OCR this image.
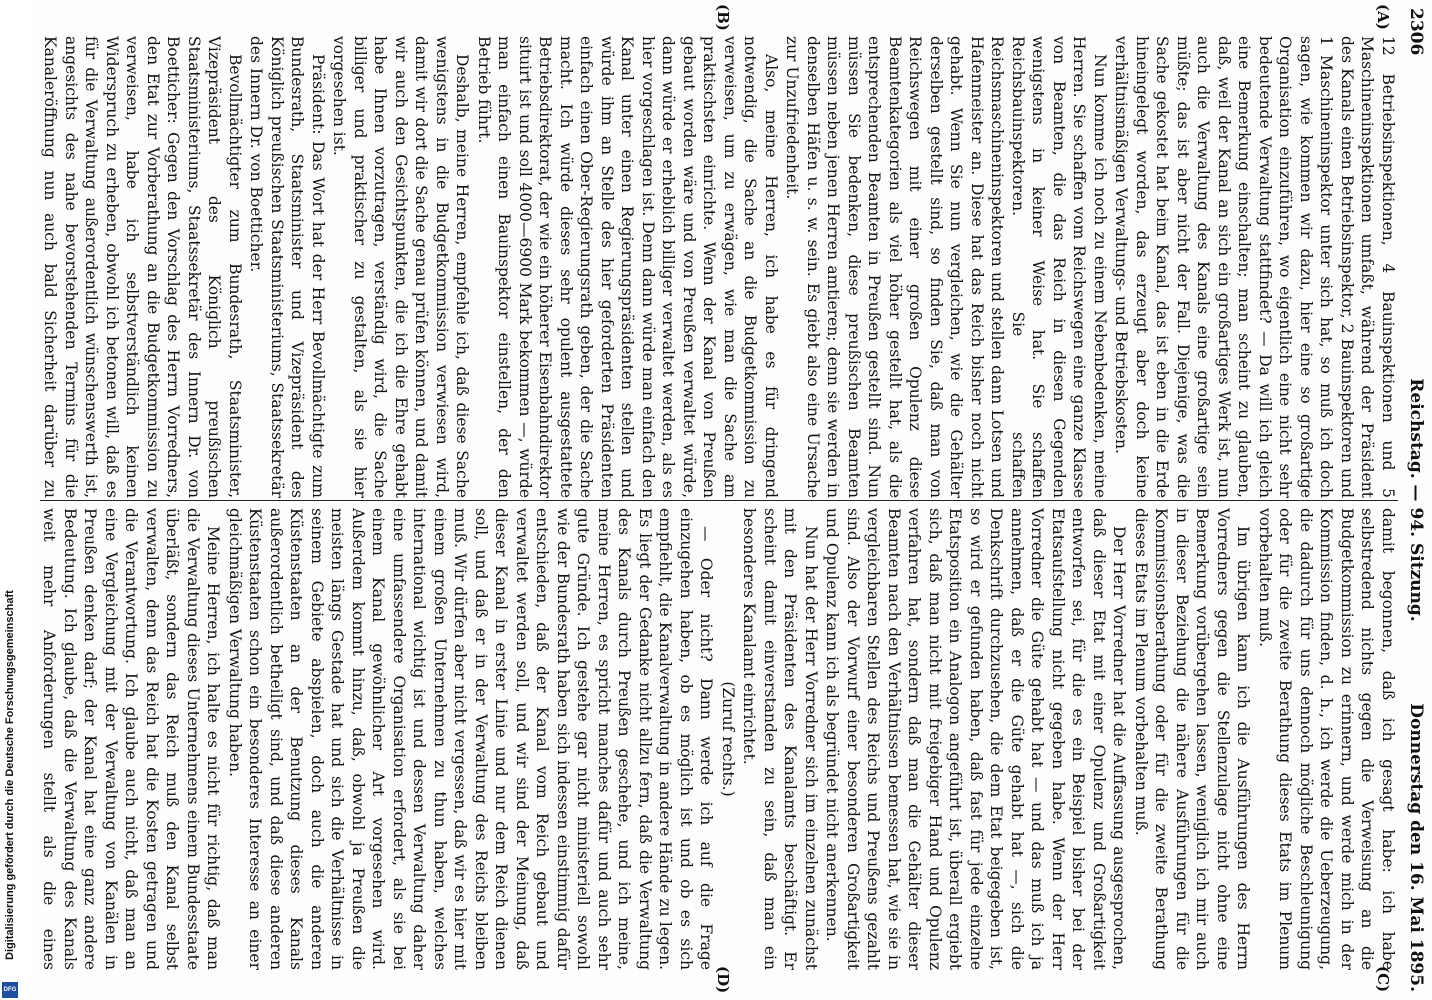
2306
Reichstag. — 94. Sitzung.
Donnerstag den 16. Mai 1895.
(A)
(B)
(C)
(D)

12 Betriebsinspektionen, 4 Bauinspektionen und 5 Maschineninspektionen umfaßt, während der Präsident des Kanals einen Betriebsinspektor, 2 Bauinspektoren und 1 Maschineninspektor unter sich hat, so muß ich doch sagen, wie kommen wir dazu, hier eine so großartige Organisation einzuführen, wo eigentlich eine nicht sehr bedeutende Verwaltung stattfindet? — Da will ich gleich eine Bemerkung einschalten; man scheint zu glauben, daß, weil der Kanal an sich ein großartiges Werk ist, nun auch die Verwaltung des Kanals eine großartige sein müßte; das ist aber nicht der Fall. Diejenige, was die Sache gekostet hat beim Kanal, das ist eben in die Erde hineingelegt worden, das erzeugt aber doch keine verhältnismäßigen Verwaltungs- und Betriebskosten.

Nun komme ich noch zu einem Nebenbedenken, meine Herren. Sie schaffen vom Reichswegen eine ganze Klasse von Beamten, die das Reich in diesen Gegenden wenigstens in keiner Weise hat. Sie schaffen Reichsbauinspektoren. Sie schaffen Reichsmaschineninspektoren und stellen dann Lotsen und Hafenmeister an. Diese hat das Reich bisher noch nicht gehabt. Wenn Sie nun vergleichen, wie die Gehälter derselben gestellt sind, so finden Sie, daß man von Reichswegen mit einer großen Opulenz diese Beamtenkategorien als viel höher gestellt hat, als die entsprechenden Beamten in Preußen gestellt sind. Nun müssen Sie bedenken, diese preußischen Beamten müssen neben jenen Herren amtieren; denn sie werden in denselben Häfen u. s. w. sein. Es giebt also eine Ursache zur Unzufriedenheit.

Also, meine Herren, ich habe es für dringend notwendig, die Sache an die Budgetkommission zu verweisen, um zu erwägen, wie man die Sache am praktischsten einrichte. Wenn der Kanal von Preußen gebaut worden wäre und von Preußen verwaltet würde, dann würde er erheblich billiger verwaltet werden, als es hier vorgeschlagen ist. Denn dann würde man einfach den Kanal unter einen Regierungspräsidenten stellen und würde ihm an Stelle des hier geforderten Präsidenten einfach einen Ober-Regierungsrath geben, der die Sache macht. Ich würde dieses sehr opulent ausgestattete Betriebsdirektorat, der wie ein höherer Eisenbahndirektor situirt ist und soll 4000—6900 Mark bekommen —, würde man einfach einen Bauinspektor einstellen, der den Betrieb führt.

Deshalb, meine Herren, empfehle ich, daß diese Sache wenigstens in die Budgetkommission verwiesen wird, damit wir dort die Sache genau prüfen können, und damit wir auch den Gesichtspunkten, die ich die Ehre gehabt habe Ihnen vorzutragen, verständig wird, die Sache billiger und praktischer zu gestalten, als sie hier vorgesehen ist.

Präsident: Das Wort hat der Herr Bevollmächtigte zum Bundesrath, Staatsminister und Vizepräsident des Königlich preußischen Staatsministeriums, Staatssekretär des Innern Dr. von Boetticher.

Bevollmächtigter zum Bundesrath, Staatsminister, Vizepräsident des Königlich preußischen Staatsministeriums, Staatssekretär des Innern Dr. von Boetticher: Gegen den Vorschlag des Herrn Vorredners, den Etat zur Vorberathung an die Budgetkommission zu verweisen, habe ich selbstverständlich keinen Widerspruch zu erheben, obwohl ich betonen will, daß es für die Verwaltung außerordentlich wünschenswerth ist, angesichts des nahe bevorstehenden Termins für die Kanaleröffnung nun auch bald Sicherheit darüber zu

damit begonnen, daß ich gesagt habe: ich habe selbstredend nichts gegen die Verweisung an die Budgetkommission zu erinnern, und werde mich in der Kommission finden, d. h., ich werde die Ueberzeugung, die dadurch für uns dennoch mögliche Beschleunigung oder für die zweite Berathung dieses Etats im Plenum vorbehalten muß.

Im übrigen kann ich die Ausführungen des Herrn Vorredners gegen die Stellenzulage nicht ohne eine Bemerkung vorübergehen lassen, weniglich ich mir auch in dieser Beziehung die nähere Ausführungen für die Kommissionsberathung oder für die zweite Berathung dieses Etats im Plenum vorbehalten muß.

Der Herr Vorredner hat die Auffassung ausgesprochen, daß dieser Etat mit einer Opulenz und Großartigkeit entworfen sei, für die es ein Beispiel bisher bei der Etatsaufstellung nicht gegeben habe. Wenn der Herr Vorredner die Güte gehabt hat — und das muß ich ja annehmen, daß er die Güte gehabt hat —, sich die Denkschrift durchzusehen, die dem Etat beigegeben ist, so wird er gefunden haben, daß fast für jede einzelne Etatsposition ein Analogon angeführt ist, überall ergiebt sich, daß man nicht mit freigebiger Hand und Opulenz verfahren hat, sondern daß man die Gehälter dieser Beamten nach den Verhältnissen bemessen hat, wie sie in vergleichbaren Stellen des Reichs und Preußens gezahlt sind. Also der Vorwurf einer besonderen Großartigkeit und Opulenz kann ich als begründet nicht anerkennen.

Nun hat der Herr Vorredner sich im einzelnen zunächst mit den Präsidenten des Kanalamts beschäftigt. Er scheint damit einverstanden zu sein, daß man ein besonderes Kanalamt einrichtet.

(Zuruf rechts.)

— Oder nicht? Dann werde ich auf die Frage einzugehen haben, ob es möglich ist und ob es sich empfiehlt, die Kanalverwaltung in andere Hände zu legen. Es liegt der Gedanke nicht allzu fern, daß die Verwaltung des Kanals durch Preußen geschehe, und ich meine, meine Herren, es spricht manches dafür und auch sehr gute Gründe. Ich gestehe gar nicht ministeriell sowohl wie der Bundesrath haben sich indessen einstimmig dafür entschieden, daß der Kanal vom Reich gebaut und verwaltet werden soll, und wir sind der Meinung, daß dieser Kanal in erster Linie und nur dem Reich dienen soll, und daß er in der Verwaltung des Reichs bleiben muß. Wir dürfen aber nicht vergessen, daß wir es hier mit einem großen Unternehmen zu thun haben, welches international wichtig ist und dessen Verwaltung daher eine umfassendere Organisation erfordert, als sie bei einem Kanal gewöhnlicher Art vorgesehen wird. Außerdem kommt hinzu, daß, obwohl ja Preußen die meisten längs Gestade hat und sich die Verhältnisse in seinem Gebiete abspielen, doch auch die anderen Küstenstaaten an der Benutzung dieses Kanals außerordentlich betheiligt sind, und daß diese anderen Küstenstaaten schon ein besonderes Interesse an einer gleichmäßigen Verwaltung haben.

Meine Herren, ich halte es nicht für richtig, daß man die Verwaltung dieses Unternehmens einem Bundesstaate überläßt, sondern das Reich muß den Kanal selbst verwalten, denn das Reich hat die Kosten getragen und die Verantwortung. Ich glaube auch nicht, daß man an eine Vergleichung mit der Verwaltung von Kanälen in Preußen denken darf; der Kanal hat eine ganz andere Bedeutung. Ich glaube, daß die Verwaltung des Kanals weit mehr Anforderungen stellt als die eines

Digitalisierung gefördert durch die Deutsche Forschungsgemeinschaft
DFG
